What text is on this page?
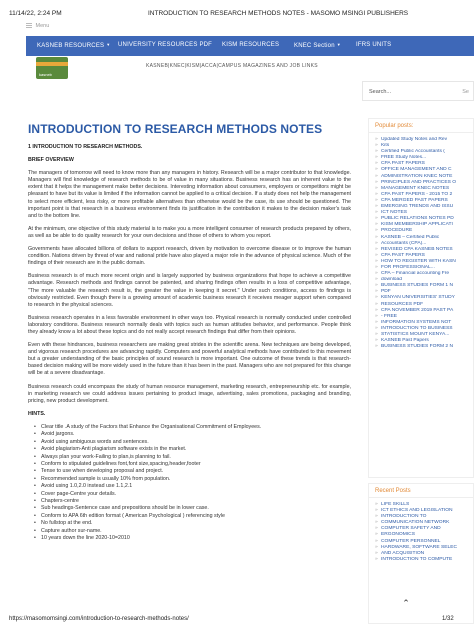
11/14/22, 2:24 PM	INTRODUCTION TO RESEARCH METHODS NOTES - MASOMO MSINGI PUBLISHERS
Menu
KASNEB RESOURCES ▼ UNIVERSITY RESOURCES PDF KISM RESOURCES KNEC Section ▼	IFRS UNITS
kasneb
KASNEB|KNEC|KISM|ACCA|CAMPUS MAGAZINES AND JOB LINKS
Search...	Se
INTRODUCTION TO RESEARCH METHODS NOTES
1 INTRODUCTION TO RESEARCH METHODS.
BRIEF OVERVIEW

The managers of tomorrow will need to know more than any managers in history. Research will be a major contributor to that knowledge. Managers will find knowledge of research methods to be of value in many situations. Business research has an inherent value to the extent that it helps the management make better decisions. Interesting information about consumers, employers or competitors might be pleasant to have but its value is limited if the information cannot be applied to a critical decision. If a study does not help the management to select more efficient, less risky, or more profitable alternatives than otherwise would be the case, its use should be questioned. The important point is that research in a business environment finds its justification in the contribution it makes to the decision maker's task and to the bottom line.

At the minimum, one objective of this study material is to make you a more intelligent consumer of research products prepared by others, as well as be able to do quality research for your own decisions and those of others to whom you report.

Governments have allocated billions of dollars to support research, driven by motivation to overcome disease or to improve the human condition. Nations driven by threat of war and national pride have also played a major role in the advance of physical science. Much of the findings of their research are in the public domain.

Business research is of much more recent origin and is largely supported by business organizations that hope to achieve a competitive advantage. Research methods and findings cannot be patented, and sharing findings often results in a loss of competitive advantage, "The more valuable the research result is, the greater the value in keeping it secret." Under such conditions, access to findings is obviously restricted. Even though there is a growing amount of academic business research it receives meager support when compared to research in the physical sciences.

Business research operates in a less favorable environment in other ways too. Physical research is normally conducted under controlled laboratory conditions. Business research normally deals with topics such as human attitudes behavior, and performance. People think they already know a lot about these topics and do not really accept research findings that differ from their opinions.

Even with these hindrances, business researchers are making great strides in the scientific arena. New techniques are being developed, and vigorous research procedures are advancing rapidly. Computers and powerful analytical methods have contributed to this movement but a greater understanding of the basic principles of sound research is more important. One outcome of these trends is that research-based decision making will be more widely used in the future than it has been in the past. Managers who are not prepared for this change will be at a severe disadvantage.

Business research could encompass the study of human resource management, marketing research, entrepreneurship etc. for example, in marketing research we could address issues pertaining to product image, advertising, sales promotions, packaging and branding, pricing, new product development.

HINTS.
• Clear title .A study of the Factors that Enhance the Organisational Commitment of Employees.
• Avoid jargons.
• Avoid using ambiguous words and sentences.
• Avoid plagiarism-Anti plagiarism software exists in the market.
• Always plan your work-Failing to plan,is planning to fail.
• Conform to stipulated guidelines font,font size,spacing,header,footer
• Tense to use when developing proposal and project.
• Recommended sample is usually 10% from population.
• Avoid using 1.0,2.0 instead use 1.1,2.1
• Cover page-Centre your details.
• Chapters-centre
• Sub headings-Sentence case and prepositions should be in lower case.
• Conform to APA 6th edition format ( American Psychological ) referencing style
• No fullstop at the end.
• Capture author sur-name.
• 10 years down the line 2020-10=2010
Popular posts:
» Updated Study Notes and Rev
» Kits
» Certified Public Accountants (
» FREE Study Notes...
» CPA PAST PAPERS
» OFFICE MANAGEMENT AND C
» ADMINISTRATION KNEC NOTE
» PRINCIPLES AND PRACTICES O
» MANAGEMENT KNEC NOTES
» CPA PAST PAPERS - 2015 TO 2
» CPA MERGED PAST PAPERS
» EMERGING TRENDS AND ISSU
» ICT NOTES
» PUBLIC RELATIONS NOTES PD
» KISM MEMBERSHIP APPLICATI
» PROCEDURE
» KASNEB – Certified Public
» Accountants (CPA)...
» REVISED CPA KASNEB NOTES
» CPA PAST PAPERS
» HOW TO REGISTER WITH KASN
» FOR PROFESSIONAL...
» CPA – Financial accounting Fre
» download
» BUSINESS STUDIES FORM 1 N
» PDF
» KENYAN UNIVERSITIES' STUDY
» RESOURCES PDF
» CPA NOVEMBER 2019 PAST PA
» - FREE
» INFORMATION SYSTEMS NOT
» INTRODUCTION TO BUSINESS
» STATISTICS MOUNT KENYA...
» KASNEB Past Papers
» BUSINESS STUDIES FORM 2 N
Recent Posts
» LIFE SKILLS
» ICT ETHICS AND LEGISLATION
» INTRODUCTION TO
» COMMUNICATION NETWORK
» COMPUTER SAFETY AND
» ERGONOMICS
» COMPUTER PERSONNEL
» HARDWARE, SOFTWARE SELEC
» AND ACQUISITION
» INTRODUCTION TO COMPUTE
⌃
https://masomomsingi.com/introduction-to-research-methods-notes/	1/32
